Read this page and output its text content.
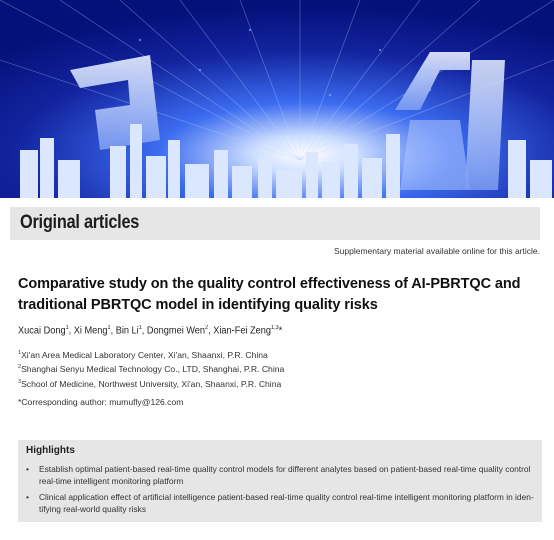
Original articles
Supplementary material available online for this article.
Comparative study on the quality control effectiveness of AI-PBRTQC and traditional PBRTQC model in identifying quality risks
Xucai Dong$^1$, Xi Meng$^1$, Bin Li$^1$, Dongmei Wen$^2$, Xian-Fei Zeng$^{1,3}$*
$^1$Xi'an Area Medical Laboratory Center, Xi'an, Shaanxi, P.R. China
$^2$Shanghai Senyu Medical Technology Co., LTD, Shanghai, P.R. China
$^3$School of Medicine, Northwest University, Xi'an, Shaanxi, P.R. China
*Corresponding author: mumufly@126.com
Highlights
• Establish optimal patient-based real-time quality control models for different analytes based on patient-based real-time quality control real-time intelligent monitoring platform
• Clinical application effect of artificial intelligence patient-based real-time quality control real-time intelligent monitoring platform in iden-tifying real-world quality risks
